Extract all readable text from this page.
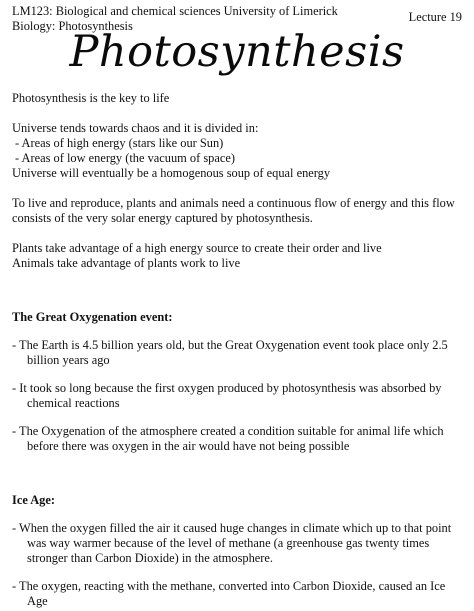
LM123: Biological and chemical sciences University of Limerick
Biology: Photosynthesis
Lecture 19
Photosynthesis

Photosynthesis is the key to life

Universe tends towards chaos and it is divided in:

- Areas of high energy (stars like our Sun)

- Areas of low energy (the vacuum of space)

Universe will eventually be a homogenous soup of equal energy

To live and reproduce, plants and animals need a continuous flow of energy and this flow consists of the very solar energy captured by photosynthesis.

Plants take advantage of a high energy source to create their order and live

Animals take advantage of plants work to live

The Great Oxygenation event:

- The Earth is 4.5 billion years old, but the Great Oxygenation event took place only 2.5 billion years ago

- It took so long because the first oxygen produced by photosynthesis was absorbed by chemical reactions

- The Oxygenation of the atmosphere created a condition suitable for animal life which before there was oxygen in the air would have not being possible

Ice Age:

- When the oxygen filled the air it caused huge changes in climate which up to that point was way warmer because of the level of methane (a greenhouse gas twenty times stronger than Carbon Dioxide) in the atmosphere.

- The oxygen, reacting with the methane, converted into Carbon Dioxide, caused an Ice Age
